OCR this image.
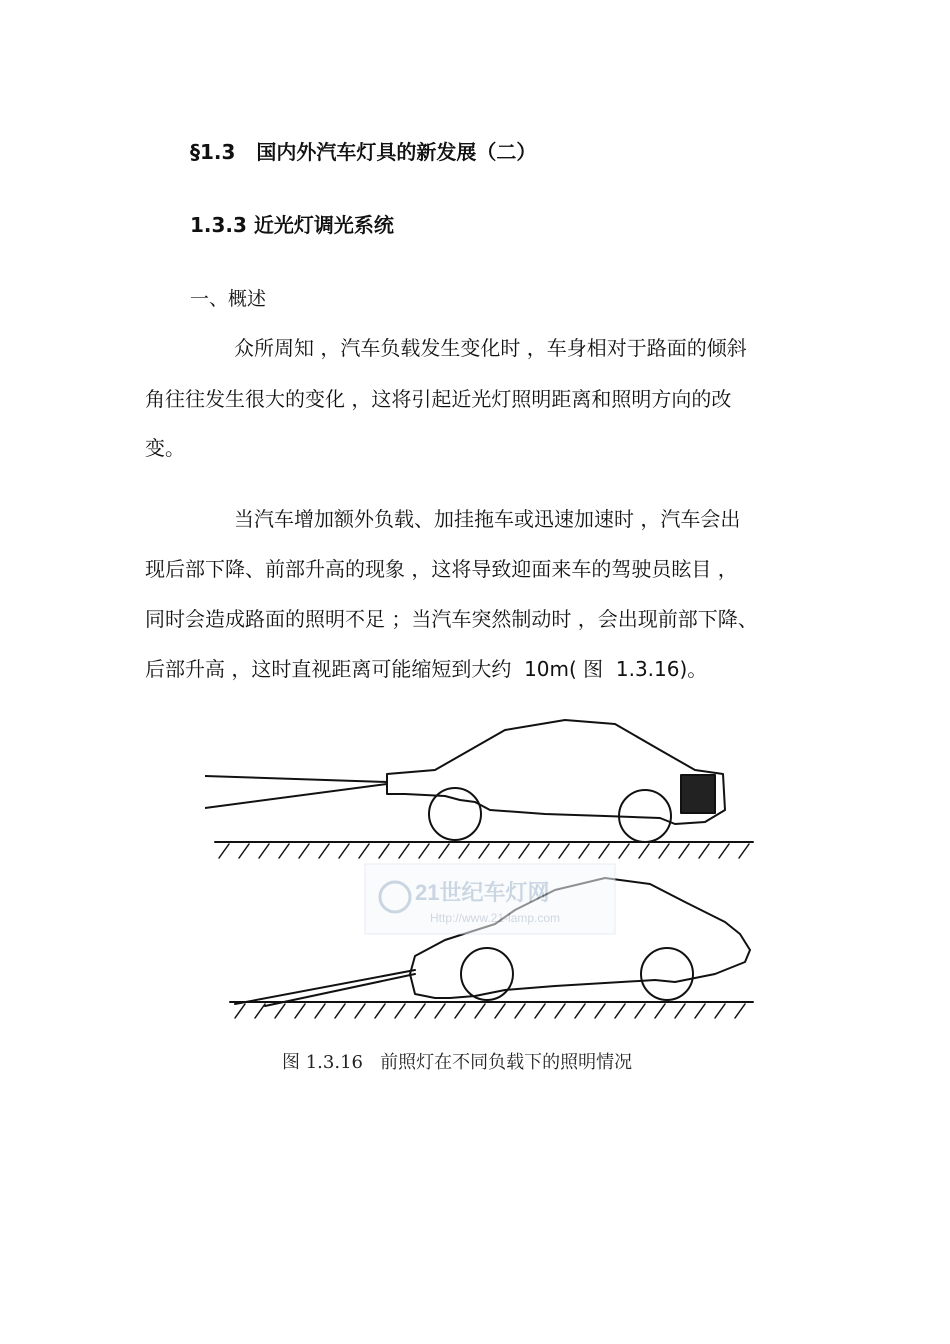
§1.3   国内外汽车灯具的新发展（二）
1.3.3 近光灯调光系统
一、概述
众所周知 ，汽车负载发生变化时 ，车身相对于路面的倾斜
角往往发生很大的变化 ，这将引起近光灯照明距离和照明方向的改
变。
当汽车增加额外负载、加挂拖车或迅速加速时 ，汽车会出
现后部下降、前部升高的现象 ，这将导致迎面来车的驾驶员眩目 ，
同时会造成路面的照明不足 ；当汽车突然制动时 ，会出现前部下降、
后部升高 ，这时直视距离可能缩短到大约  10m( 图  1.3.16)。
21世纪车灯网
Http://www.21-lamp.com
图 1.3.16   前照灯在不同负载下的照明情况
